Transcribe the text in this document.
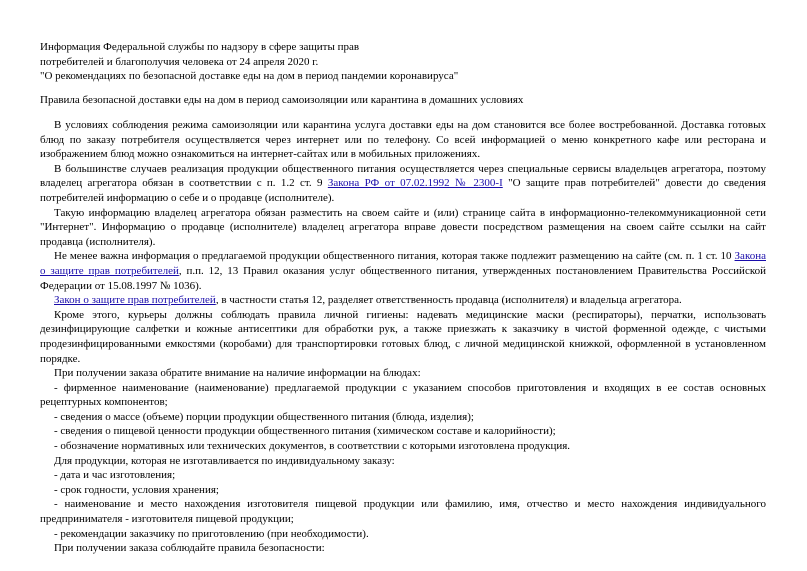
Информация Федеральной службы по надзору в сфере защиты прав
потребителей и благополучия человека от 24 апреля 2020 г.
"О рекомендациях по безопасной доставке еды на дом в период пандемии коронавируса"
Правила безопасной доставки еды на дом в период самоизоляции или карантина в домашних условиях

В условиях соблюдения режима самоизоляции или карантина услуга доставки еды на дом становится все более востребованной. Доставка готовых блюд по заказу потребителя осуществляется через интернет или по телефону. Со всей информацией о меню конкретного кафе или ресторана и изображением блюд можно ознакомиться на интернет-сайтах или в мобильных приложениях.

В большинстве случаев реализация продукции общественного питания осуществляется через специальные сервисы владельцев агрегатора, поэтому владелец агрегатора обязан в соответствии с п. 1.2 ст. 9 Закона РФ от 07.02.1992 № 2300-I "О защите прав потребителей" довести до сведения потребителей информацию о себе и о продавце (исполнителе).

Такую информацию владелец агрегатора обязан разместить на своем сайте и (или) странице сайта в информационно-телекоммуникационной сети "Интернет". Информацию о продавце (исполнителе) владелец агрегатора вправе довести посредством размещения на своем сайте ссылки на сайт продавца (исполнителя).

Не менее важна информация о предлагаемой продукции общественного питания, которая также подлежит размещению на сайте (см. п. 1 ст. 10 Закона о защите прав потребителей, п.п. 12, 13 Правил оказания услуг общественного питания, утвержденных постановлением Правительства Российской Федерации от 15.08.1997 № 1036).

Закон о защите прав потребителей, в частности статья 12, разделяет ответственность продавца (исполнителя) и владельца агрегатора.

Кроме этого, курьеры должны соблюдать правила личной гигиены: надевать медицинские маски (респираторы), перчатки, использовать дезинфицирующие салфетки и кожные антисептики для обработки рук, а также приезжать к заказчику в чистой форменной одежде, с чистыми продезинфицированными емкостями (коробами) для транспортировки готовых блюд, с личной медицинской книжкой, оформленной в установленном порядке.

При получении заказа обратите внимание на наличие информации на блюдах:

- фирменное наименование (наименование) предлагаемой продукции с указанием способов приготовления и входящих в ее состав основных рецептурных компонентов;

- сведения о массе (объеме) порции продукции общественного питания (блюда, изделия);

- сведения о пищевой ценности продукции общественного питания (химическом составе и калорийности);

- обозначение нормативных или технических документов, в соответствии с которыми изготовлена продукция.

Для продукции, которая не изготавливается по индивидуальному заказу:

- дата и час изготовления;

- срок годности, условия хранения;

- наименование и место нахождения изготовителя пищевой продукции или фамилию, имя, отчество и место нахождения индивидуального предпринимателя - изготовителя пищевой продукции;

- рекомендации заказчику по приготовлению (при необходимости).

При получении заказа соблюдайте правила безопасности:
